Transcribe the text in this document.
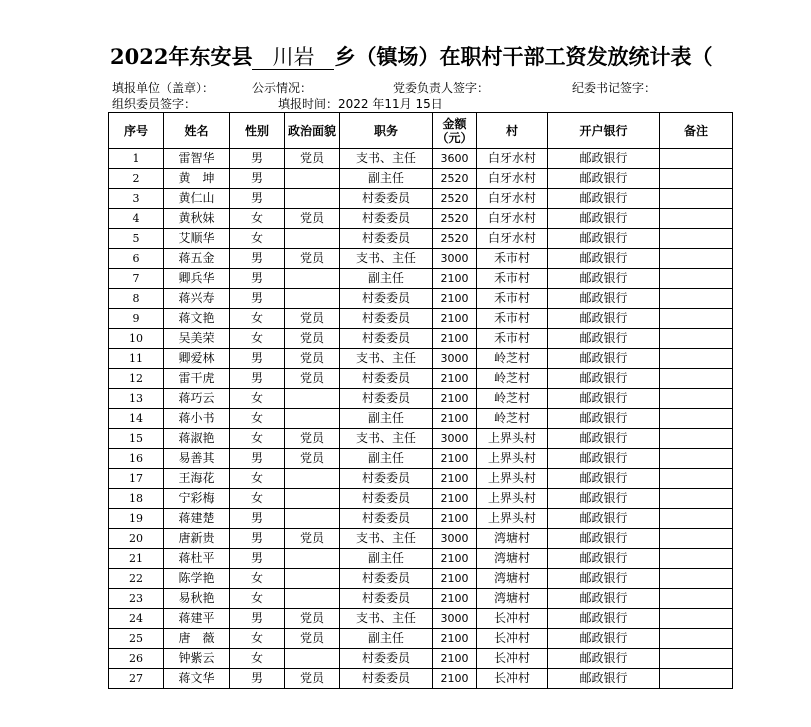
2022年东安县 川岩 乡（镇场）在职村干部工资发放统计表（
填报单位（盖章）：	公示情况：	党委负责人签字：	纪委书记签字：
组织委员签字：	填报时间：2022 年11月 15日
序号	姓名	性别	政治面貌	职务	金额（元）	村	开户银行	备注
1	雷智华	男	党员	支书、主任	3600	白牙水村	邮政银行	
2	黄　坤	男		副主任	2520	白牙水村	邮政银行	
3	黄仁山	男		村委委员	2520	白牙水村	邮政银行	
4	黄秋妹	女	党员	村委委员	2520	白牙水村	邮政银行	
5	艾顺华	女		村委委员	2520	白牙水村	邮政银行	
6	蒋五金	男	党员	支书、主任	3000	禾市村	邮政银行	
7	卿兵华	男		副主任	2100	禾市村	邮政银行	
8	蒋兴寿	男		村委委员	2100	禾市村	邮政银行	
9	蒋文艳	女	党员	村委委员	2100	禾市村	邮政银行	
10	吴美荣	女	党员	村委委员	2100	禾市村	邮政银行	
11	卿爱林	男	党员	支书、主任	3000	岭芝村	邮政银行	
12	雷干虎	男	党员	村委委员	2100	岭芝村	邮政银行	
13	蒋巧云	女		村委委员	2100	岭芝村	邮政银行	
14	蒋小书	女		副主任	2100	岭芝村	邮政银行	
15	蒋淑艳	女	党员	支书、主任	3000	上界头村	邮政银行	
16	易善其	男	党员	副主任	2100	上界头村	邮政银行	
17	王海花	女		村委委员	2100	上界头村	邮政银行	
18	宁彩梅	女		村委委员	2100	上界头村	邮政银行	
19	蒋建楚	男		村委委员	2100	上界头村	邮政银行	
20	唐新贵	男	党员	支书、主任	3000	湾塘村	邮政银行	
21	蒋杜平	男		副主任	2100	湾塘村	邮政银行	
22	陈学艳	女		村委委员	2100	湾塘村	邮政银行	
23	易秋艳	女		村委委员	2100	湾塘村	邮政银行	
24	蒋建平	男	党员	支书、主任	3000	长冲村	邮政银行	
25	唐　薇	女	党员	副主任	2100	长冲村	邮政银行	
26	钟紫云	女		村委委员	2100	长冲村	邮政银行	
27	蒋文华	男	党员	村委委员	2100	长冲村	邮政银行	
